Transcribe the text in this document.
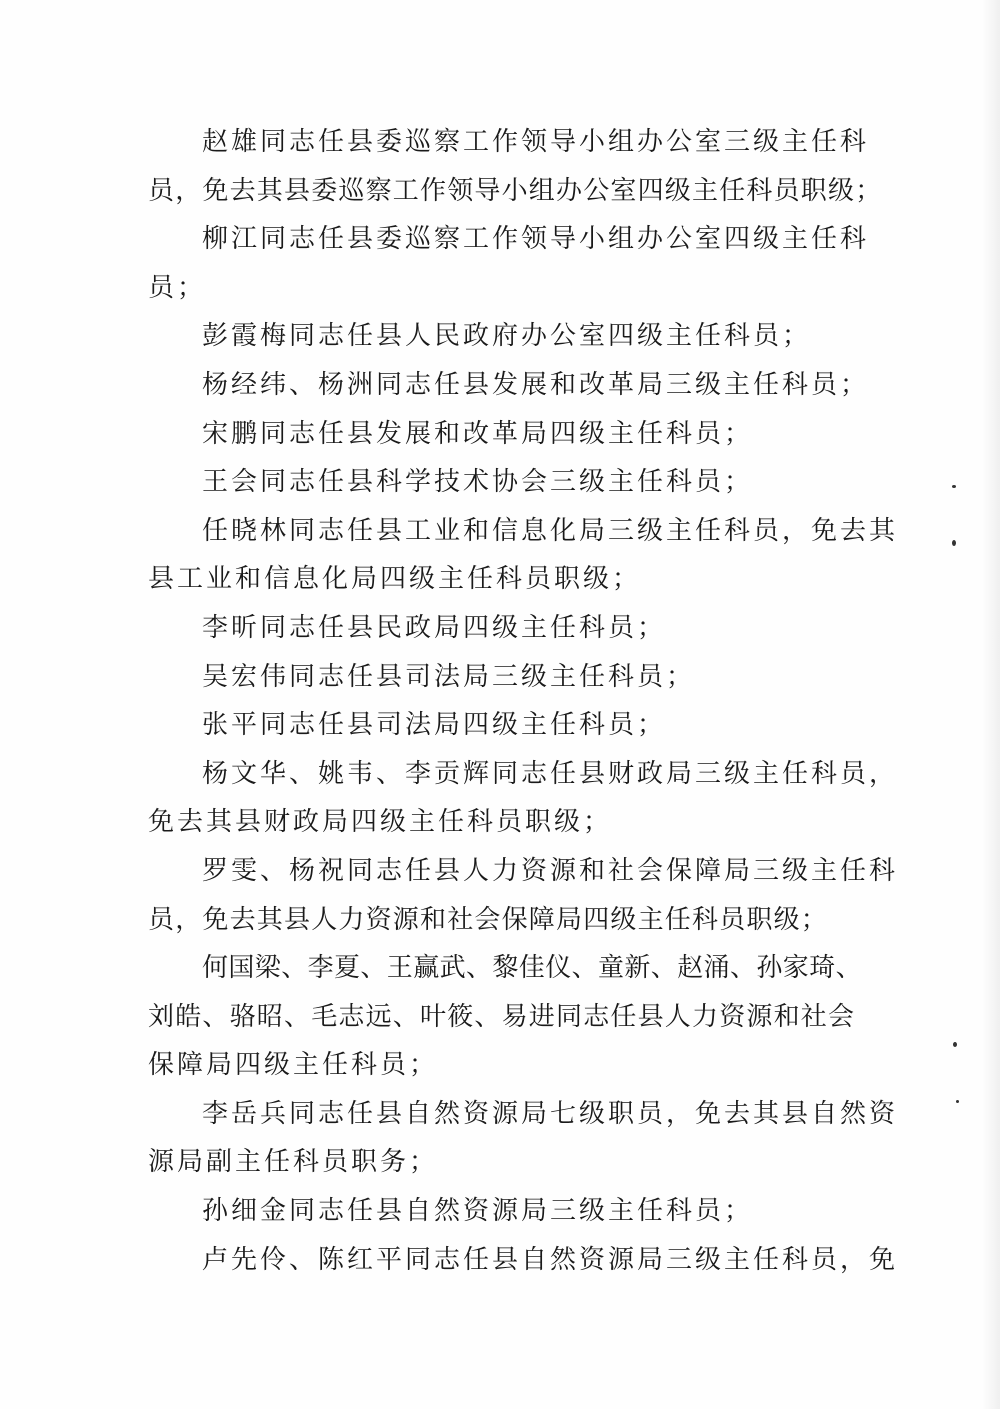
赵雄同志任县委巡察工作领导小组办公室三级主任科
员，免去其县委巡察工作领导小组办公室四级主任科员职级；
柳江同志任县委巡察工作领导小组办公室四级主任科
员；
彭霞梅同志任县人民政府办公室四级主任科员；
杨经纬、杨洲同志任县发展和改革局三级主任科员；
宋鹏同志任县发展和改革局四级主任科员；
王会同志任县科学技术协会三级主任科员；
任晓林同志任县工业和信息化局三级主任科员，免去其
县工业和信息化局四级主任科员职级；
李昕同志任县民政局四级主任科员；
吴宏伟同志任县司法局三级主任科员；
张平同志任县司法局四级主任科员；
杨文华、姚韦、李贡辉同志任县财政局三级主任科员，
免去其县财政局四级主任科员职级；
罗雯、杨祝同志任县人力资源和社会保障局三级主任科
员，免去其县人力资源和社会保障局四级主任科员职级；
何国梁、李夏、王赢武、黎佳仪、童新、赵涌、孙家琦、
刘皓、骆昭、毛志远、叶筱、易进同志任县人力资源和社会
保障局四级主任科员；
李岳兵同志任县自然资源局七级职员，免去其县自然资
源局副主任科员职务；
孙细金同志任县自然资源局三级主任科员；
卢先伶、陈红平同志任县自然资源局三级主任科员，免
